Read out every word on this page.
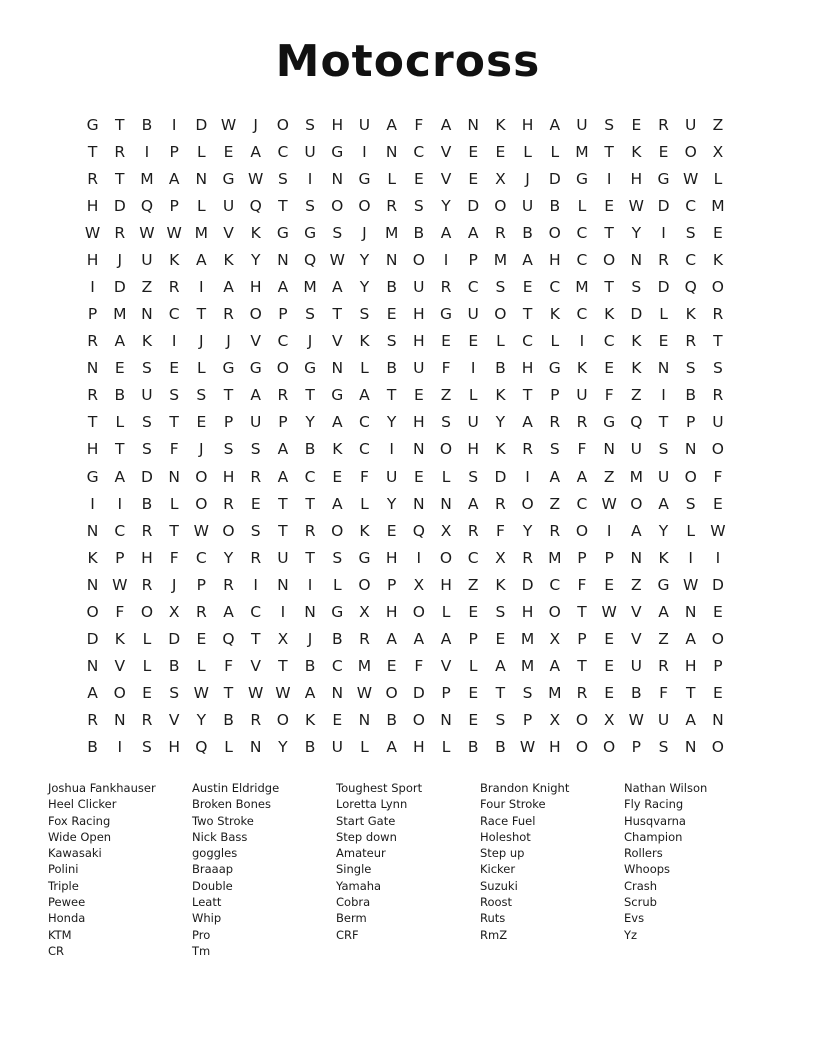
Motocross
G	T	B	I	D W	J	O	S	H	U	A	F	A	N	K	H	A	U	S	E	R	U	Z
T	R	I	P	L	E	A	C	U	G	I	N	C	V	E	E	L	L	M	T	K	E	O	X
R	T	M A	N G W S	I	N G	L	E	V	E	X	J	D G	I	H G W L
H D Q	P	L	U Q	T	S	O O	R	S	Y	D O U	B	L	E W D	C M
W R W W M V	K	G G	S	J	M B	A	A	R	B	O	C	T	Y	I	S	E
H	J	U	K	A	K	Y	N Q W Y	N O	I	P	M A	H	C	O N	R	C	K
I	D	Z	R	I	A	H	A M A	Y	B	U	R	C	S	E	C M	T	S	D Q O
P	M N	C	T	R	O	P	S	T	S	E	H G	U O	T	K	C	K	D	L	K	R
R	A	K	I	J	J	V	C	J	V	K	S	H	E	E	L	C	L	I	C	K	E	R	T
N	E	S	E	L	G G O G N	L	B	U	F	I	B	H G	K	E	K	N	S	S
R	B	U	S	S	T	A	R	T	G	A	T	E	Z	L	K	T	P	U	F	Z	I	B	R
T	L	S	T	E	P	U	P	Y	A	C	Y	H	S	U	Y	A	R	R	G Q	T	P	U
H	T	S	F	J	S	S	A	B	K	C	I	N O H	K	R	S	F	N	U	S	N O
G	A	D N O H	R	A	C	E	F	U	E	L	S	D	I	A	A	Z M U O	F
I	I	B	L	O	R	E	T	T	A	L	Y	N	N	A	R	O	Z	C W O	A	S	E
N	C	R	T W O	S	T	R	O	K	E	Q	X	R	F	Y	R	O	I	A	Y	L W
K	P	H	F	C	Y	R	U	T	S	G H	I	O	C	X	R M	P	P	N	K	I	I
N W R	J	P	R	I	N	I	L	O	P	X	H	Z	K	D	C	F	E	Z	G W D
O	F	O	X	R	A	C	I	N G	X	H O	L	E	S	H O	T W V	A	N	E
D	K	L	D	E	Q	T	X	J	B	R	A	A	A	P	E	M X	P	E	V	Z	A	O
N	V	L	B	L	F	V	T	B	C M	E	F	V	L	A M A	T	E	U	R	H	P
A	O	E	S W T W W A	N W O D	P	E	T	S	M R	E	B	F	T	E
R	N	R	V	Y	B	R	O	K	E	N	B	O N	E	S	P	X	O	X W U	A	N
B	I	S	H Q	L	N	Y	B	U	L	A	H	L	B	B W H O O	P	S	N O
Joshua Fankhauser
Heel Clicker
Fox Racing
Wide Open
Kawasaki
Polini
Triple
Pewee
Honda
KTM
CR
Austin Eldridge
Broken Bones
Two Stroke
Nick Bass
goggles
Braaap
Double
Leatt
Whip
Pro
Tm
Toughest Sport
Loretta Lynn
Start Gate
Step down
Amateur
Single
Yamaha
Cobra
Berm
CRF
Brandon Knight
Four Stroke
Race Fuel
Holeshot
Step up
Kicker
Suzuki
Roost
Ruts
RmZ
Nathan Wilson
Fly Racing
Husqvarna
Champion
Rollers
Whoops
Crash
Scrub
Evs
Yz
